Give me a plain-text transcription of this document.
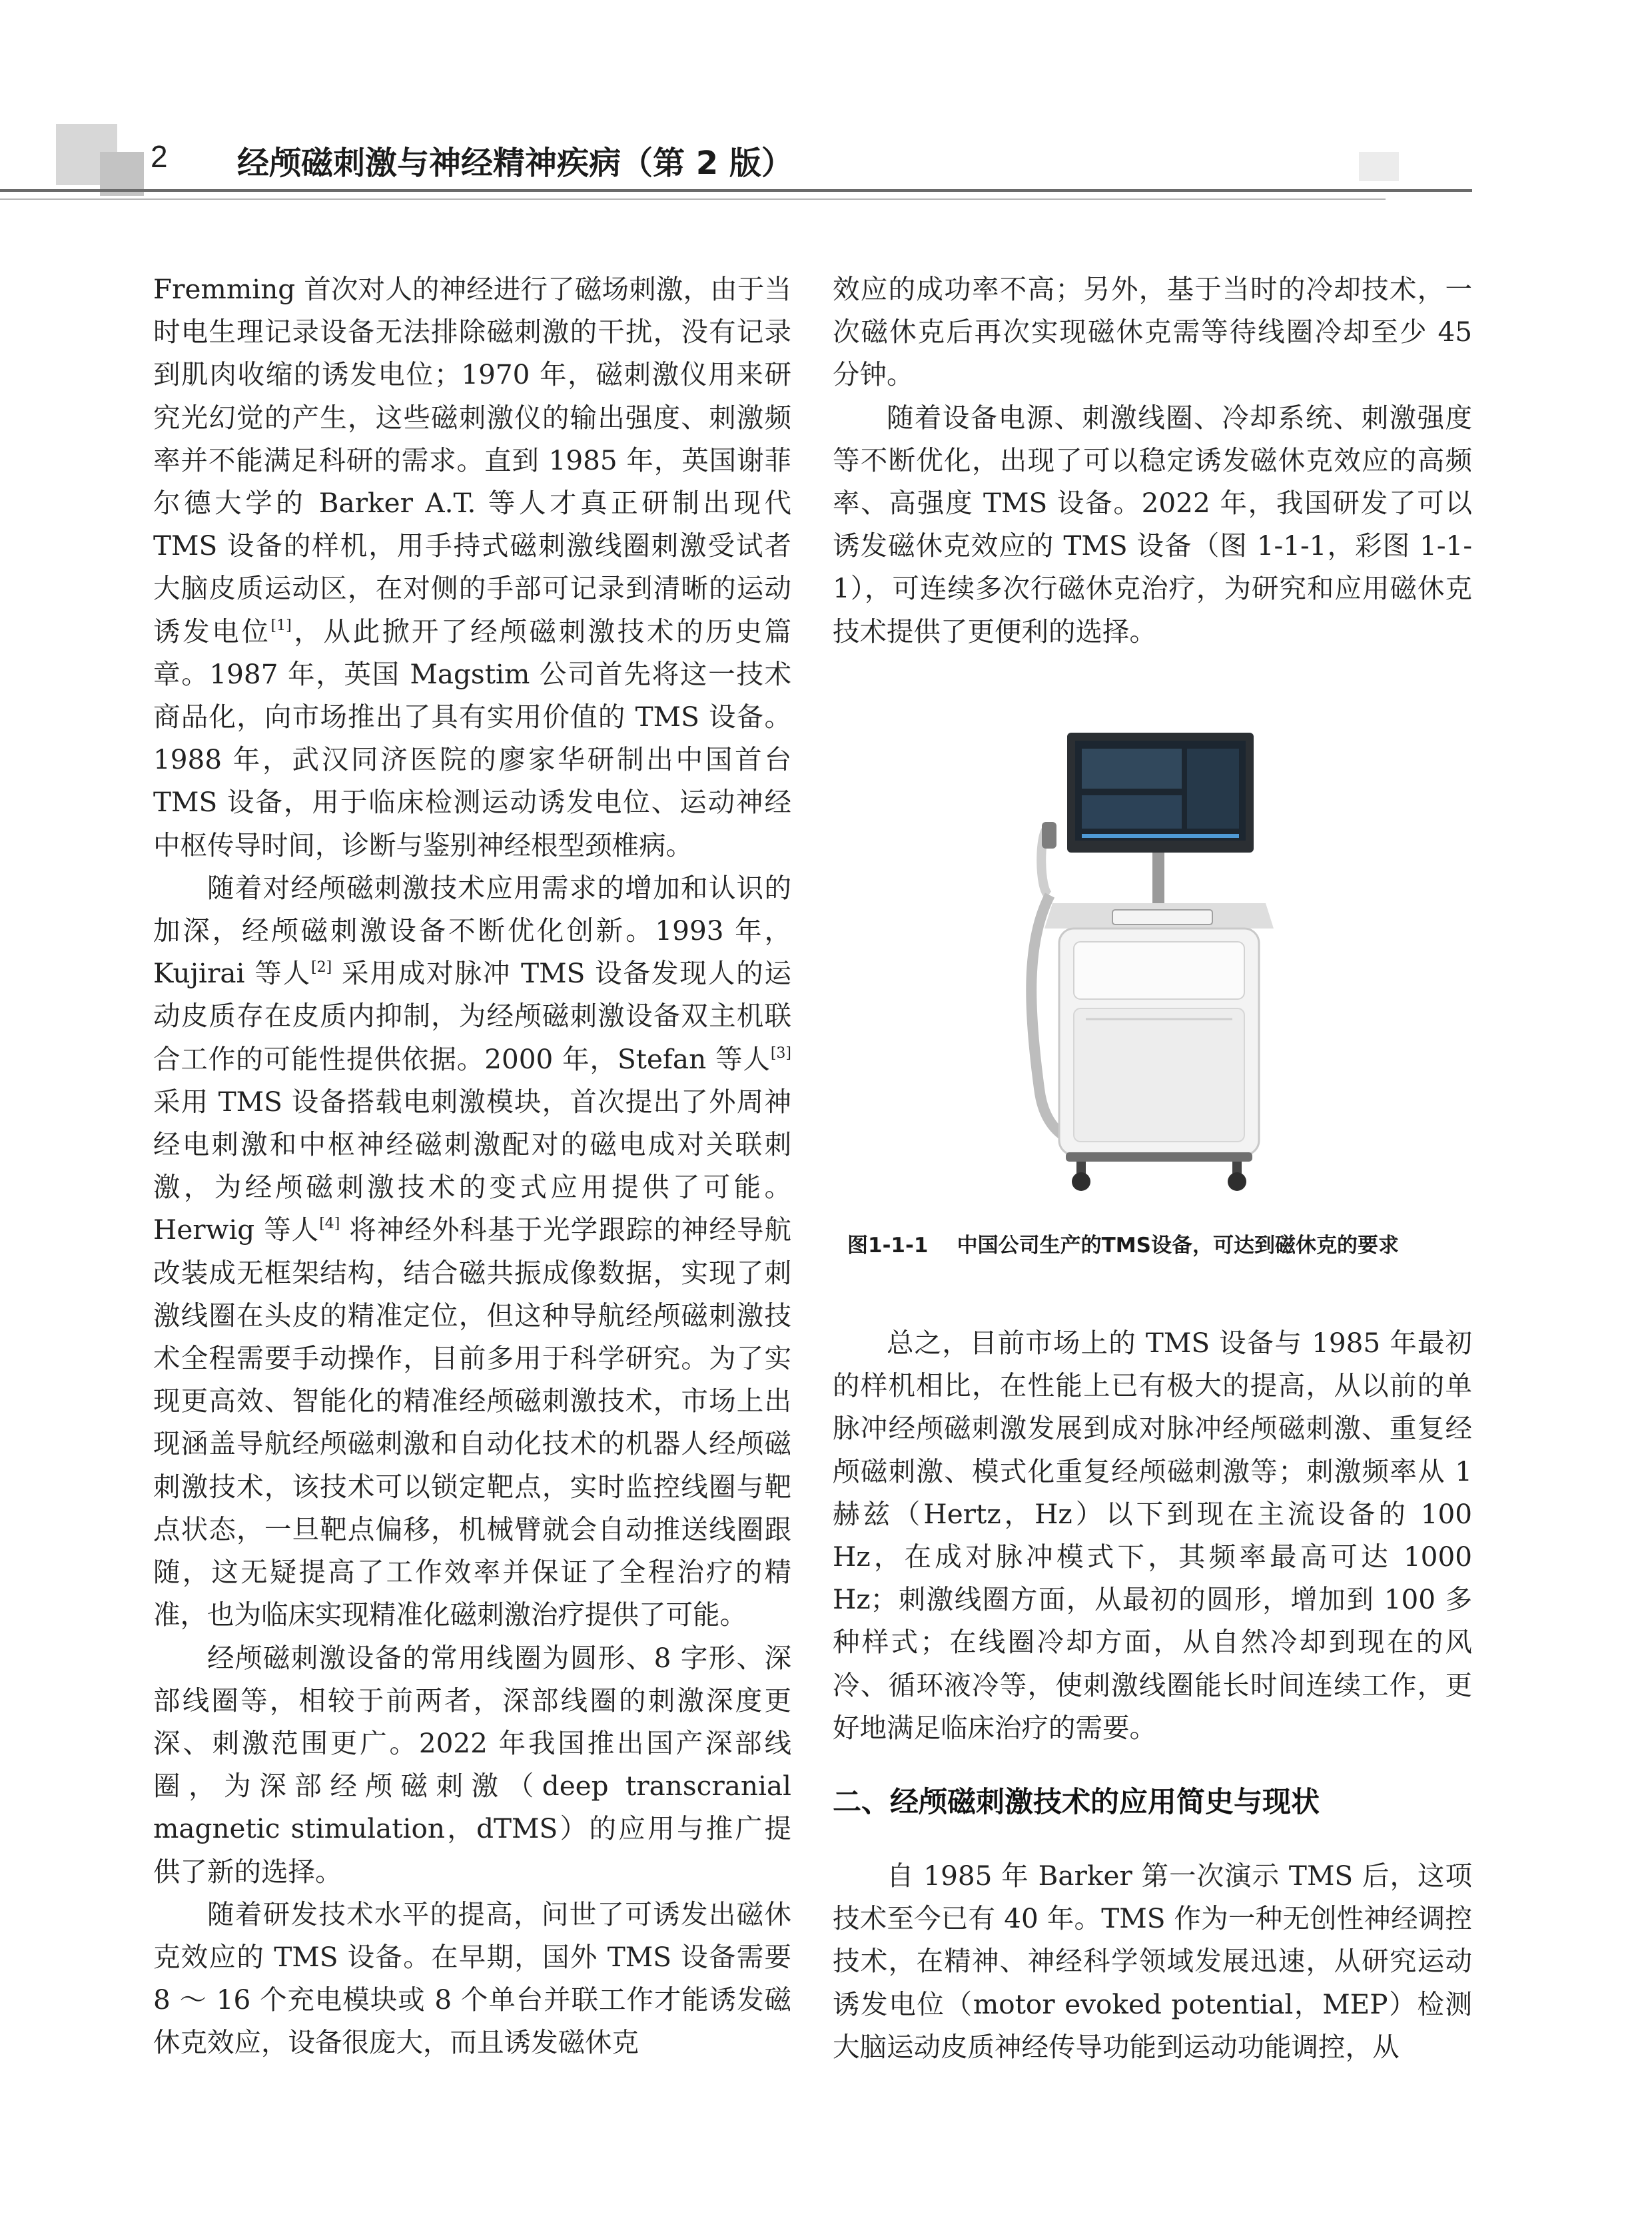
2 经颅磁刺激与神经精神疾病（第 2 版）

Fremming 首次对人的神经进行了磁场刺激，由于当时电生理记录设备无法排除磁刺激的干扰，没有记录到肌肉收缩的诱发电位；1970 年，磁刺激仪用来研究光幻觉的产生，这些磁刺激仪的输出强度、刺激频率并不能满足科研的需求。直到 1985 年，英国谢菲尔德大学的 Barker A.T. 等人才真正研制出现代 TMS 设备的样机，用手持式磁刺激线圈刺激受试者大脑皮质运动区，在对侧的手部可记录到清晰的运动诱发电位[1]，从此掀开了经颅磁刺激技术的历史篇章。1987 年，英国 Magstim 公司首先将这一技术商品化，向市场推出了具有实用价值的 TMS 设备。1988 年，武汉同济医院的廖家华研制出中国首台 TMS 设备，用于临床检测运动诱发电位、运动神经中枢传导时间，诊断与鉴别神经根型颈椎病。

随着对经颅磁刺激技术应用需求的增加和认识的加深，经颅磁刺激设备不断优化创新。1993 年，Kujirai 等人[2] 采用成对脉冲 TMS 设备发现人的运动皮质存在皮质内抑制，为经颅磁刺激设备双主机联合工作的可能性提供依据。2000 年，Stefan 等人[3] 采用 TMS 设备搭载电刺激模块，首次提出了外周神经电刺激和中枢神经磁刺激配对的磁电成对关联刺激，为经颅磁刺激技术的变式应用提供了可能。Herwig 等人[4] 将神经外科基于光学跟踪的神经导航改装成无框架结构，结合磁共振成像数据，实现了刺激线圈在头皮的精准定位，但这种导航经颅磁刺激技术全程需要手动操作，目前多用于科学研究。为了实现更高效、智能化的精准经颅磁刺激技术，市场上出现涵盖导航经颅磁刺激和自动化技术的机器人经颅磁刺激技术，该技术可以锁定靶点，实时监控线圈与靶点状态，一旦靶点偏移，机械臂就会自动推送线圈跟随，这无疑提高了工作效率并保证了全程治疗的精准，也为临床实现精准化磁刺激治疗提供了可能。

经颅磁刺激设备的常用线圈为圆形、8 字形、深部线圈等，相较于前两者，深部线圈的刺激深度更深、刺激范围更广。2022 年我国推出国产深部线圈，为深部经颅磁刺激（deep transcranial magnetic stimulation，dTMS）的应用与推广提供了新的选择。

随着研发技术水平的提高，问世了可诱发出磁休克效应的 TMS 设备。在早期，国外 TMS 设备需要 8 ～ 16 个充电模块或 8 个单台并联工作才能诱发磁休克效应，设备很庞大，而且诱发磁休克

效应的成功率不高；另外，基于当时的冷却技术，一次磁休克后再次实现磁休克需等待线圈冷却至少 45 分钟。

随着设备电源、刺激线圈、冷却系统、刺激强度等不断优化，出现了可以稳定诱发磁休克效应的高频率、高强度 TMS 设备。2022 年，我国研发了可以诱发磁休克效应的 TMS 设备（图 1-1-1，彩图 1-1-1），可连续多次行磁休克治疗，为研究和应用磁休克技术提供了更便利的选择。

图1-1-1 中国公司生产的TMS设备，可达到磁休克的要求

总之，目前市场上的 TMS 设备与 1985 年最初的样机相比，在性能上已有极大的提高，从以前的单脉冲经颅磁刺激发展到成对脉冲经颅磁刺激、重复经颅磁刺激、模式化重复经颅磁刺激等；刺激频率从 1 赫兹（Hertz，Hz）以下到现在主流设备的 100 Hz，在成对脉冲模式下，其频率最高可达 1000 Hz；刺激线圈方面，从最初的圆形，增加到 100 多种样式；在线圈冷却方面，从自然冷却到现在的风冷、循环液冷等，使刺激线圈能长时间连续工作，更好地满足临床治疗的需要。

二、经颅磁刺激技术的应用简史与现状

自 1985 年 Barker 第一次演示 TMS 后，这项技术至今已有 40 年。TMS 作为一种无创性神经调控技术，在精神、神经科学领域发展迅速，从研究运动诱发电位（motor evoked potential，MEP）检测大脑运动皮质神经传导功能到运动功能调控，从
